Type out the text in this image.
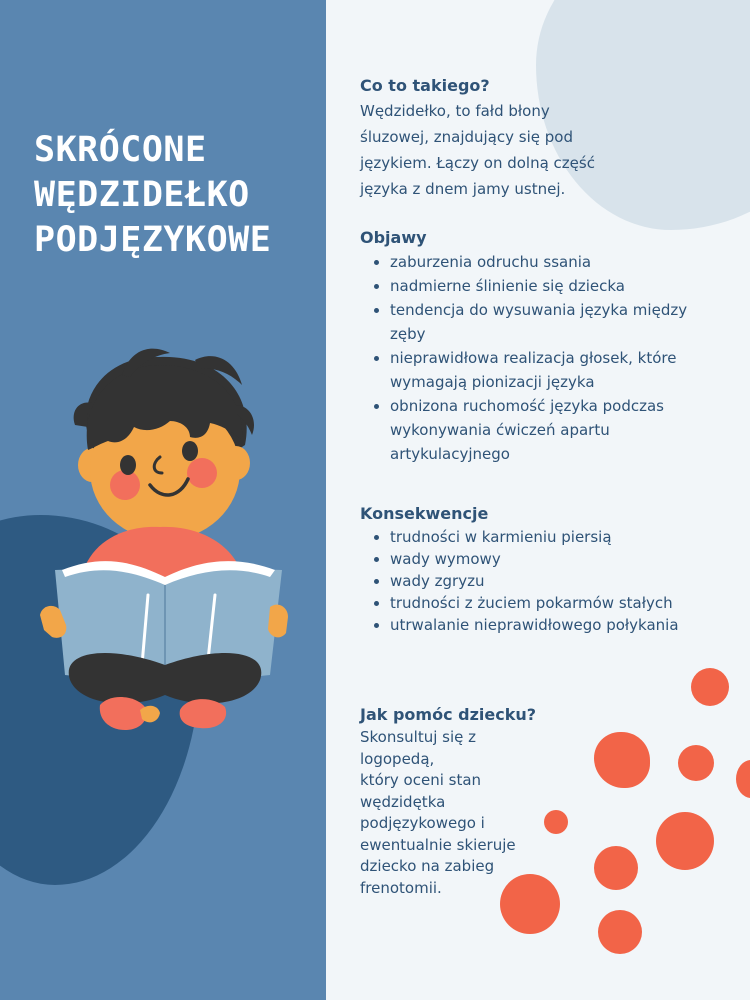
SKRÓCONE
WĘDZIDEŁKO
PODJĘZYKOWE
Co to takiego?

Wędzidełko, to fałd błony
śluzowej, znajdujący się pod
językiem. Łączy on dolną część
języka z dnem jamy ustnej.

Objawy
• zaburzenia odruchu ssania
• nadmierne ślinienie się dziecka
• tendencja do wysuwania języka między zęby
• nieprawidłowa realizacja głosek, które wymagają pionizacji języka
• obnizona ruchomość języka podczas wykonywania ćwiczeń apartu artykulacyjnego
Konsekwencje
• trudności w karmieniu piersią
• wady wymowy
• wady zgryzu
• trudności z żuciem pokarmów stałych
• utrwalanie nieprawidłowego połykania
Jak pomóc dziecku?

Skonsultuj się z logopedą,
który oceni stan
wędzidętka
podjęzykowego i
ewentualnie skieruje
dziecko na zabieg
frenotomii.
